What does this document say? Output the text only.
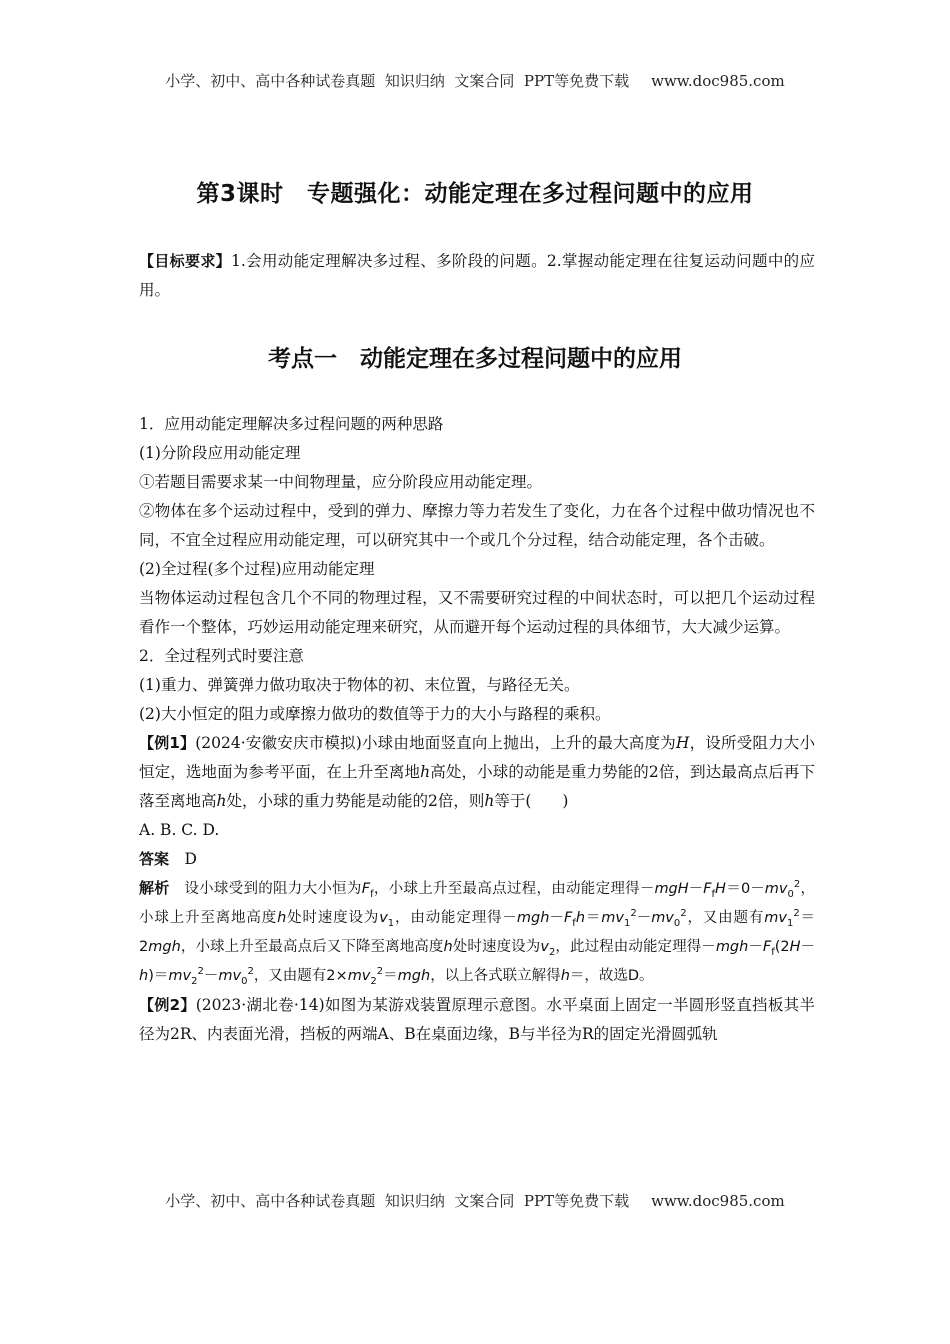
小学、初中、高中各种试卷真题  知识归纳  文案合同  PPT等免费下载 www.doc985.com
第3课时　专题强化：动能定理在多过程问题中的应用

【目标要求】1.会用动能定理解决多过程、多阶段的问题。2.掌握动能定理在往复运动问题中的应用。

考点一　动能定理在多过程问题中的应用

1．应用动能定理解决多过程问题的两种思路

(1)分阶段应用动能定理

①若题目需要求某一中间物理量，应分阶段应用动能定理。

②物体在多个运动过程中，受到的弹力、摩擦力等力若发生了变化，力在各个过程中做功情况也不同，不宜全过程应用动能定理，可以研究其中一个或几个分过程，结合动能定理，各个击破。

(2)全过程(多个过程)应用动能定理

当物体运动过程包含几个不同的物理过程，又不需要研究过程的中间状态时，可以把几个运动过程看作一个整体，巧妙运用动能定理来研究，从而避开每个运动过程的具体细节，大大减少运算。

2．全过程列式时要注意

(1)重力、弹簧弹力做功取决于物体的初、末位置，与路径无关。

(2)大小恒定的阻力或摩擦力做功的数值等于力的大小与路程的乘积。

【例1】(2024·安徽安庆市模拟)小球由地面竖直向上抛出，上升的最大高度为H，设所受阻力大小恒定，选地面为参考平面，在上升至离地h高处，小球的动能是重力势能的2倍，到达最高点后再下落至离地高h处，小球的重力势能是动能的2倍，则h等于(　　)

A. B. C. D.

答案　 D

解析　 设小球受到的阻力大小恒为$F_f$，小球上升至最高点过程，由动能定理得$-mgH-F_fH=0-mv_0^2$，小球上升至离地高度h处时速度设为$v_1$，由动能定理得$-mgh-F_fh=mv_1^2-mv_0^2$，又由题有$mv_1^2=2mgh$，小球上升至最高点后又下降至离地高度h处时速度设为$v_2$，此过程由动能定理得$-mgh-F_f(2H-h)=mv_2^2-mv_0^2$，又由题有$2\times mv_2^2=mgh$，以上各式联立解得h＝，故选D。

【例2】(2023·湖北卷·14)如图为某游戏装置原理示意图。水平桌面上固定一半圆形竖直挡板其半径为2R、内表面光滑，挡板的两端A、B在桌面边缘，B与半径为R的固定光滑圆弧轨

小学、初中、高中各种试卷真题  知识归纳  文案合同  PPT等免费下载 www.doc985.com
